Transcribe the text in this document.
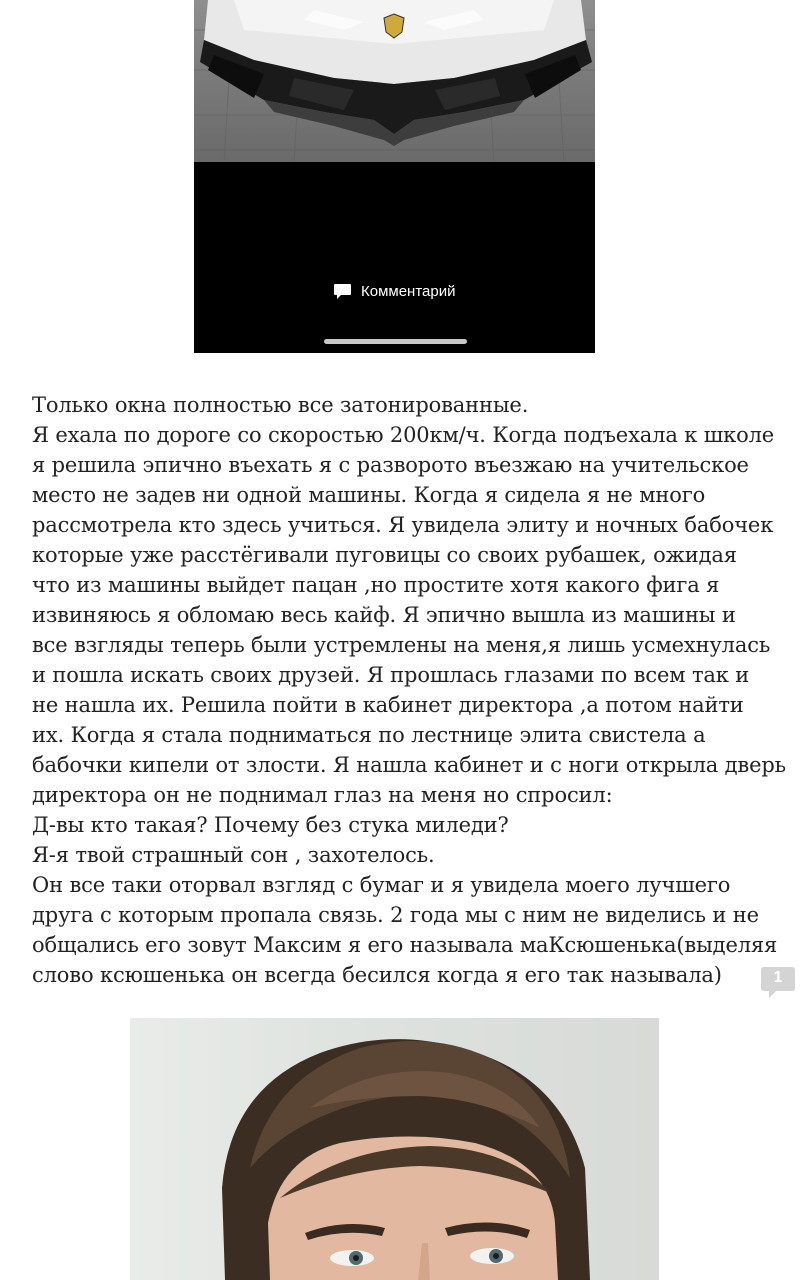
Комментарий
Только окна полностью все затонированные.
Я ехала по дороге со скоростью 200км/ч. Когда подъехала к школе
я решила эпично въехать я с разворото въезжаю на учительское
место не задев ни одной машины. Когда я сидела я не много
рассмотрела кто здесь учиться. Я увидела элиту и ночных бабочек
которые уже расстёгивали пуговицы со своих рубашек, ожидая
что из машины выйдет пацан ,но простите хотя какого фига я
извиняюсь я обломаю весь кайф. Я эпично вышла из машины и
все взгляды теперь были устремлены на меня,я лишь усмехнулась
и пошла искать своих друзей. Я прошлась глазами по всем так и
не нашла их. Решила пойти в кабинет директора ,а потом найти
их. Когда я стала подниматься по лестнице элита свистела а
бабочки кипели от злости. Я нашла кабинет и с ноги открыла дверь
директора он не поднимал глаз на меня но спросил:
Д-вы кто такая? Почему без стука миледи?
Я-я твой страшный сон , захотелось.
Он все таки оторвал взгляд с бумаг и я увидела моего лучшего
друга с которым пропала связь. 2 года мы с ним не виделись и не
общались его зовут Максим я его называла маКсюшенька(выделяя
слово ксюшенька он всегда бесился когда я его так называла)	1
